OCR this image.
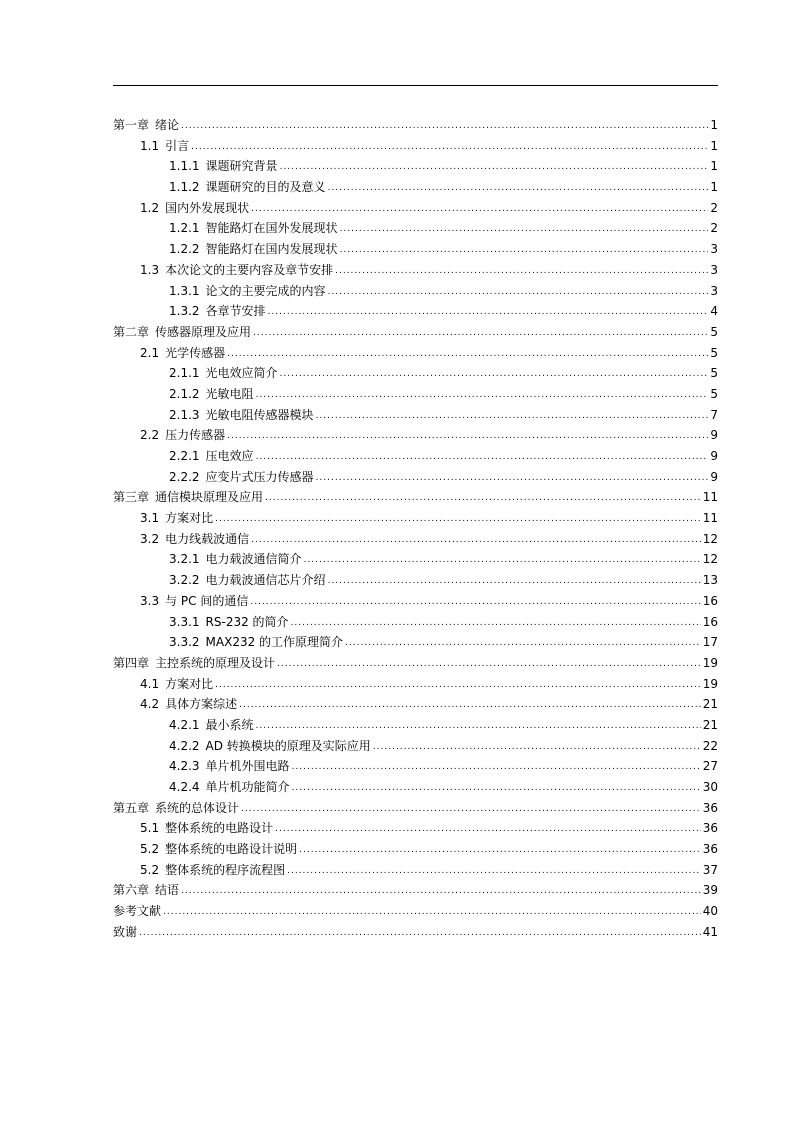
第一章 绪论 .....	1
1.1 引言 .....	1
1.1.1 课题研究背景 .....	1
1.1.2 课题研究的目的及意义 .....	1
1.2 国内外发展现状 .....	2
1.2.1 智能路灯在国外发展现状 .....	2
1.2.2 智能路灯在国内发展现状 .....	3
1.3 本次论文的主要内容及章节安排 .....	3
1.3.1 论文的主要完成的内容 .....	3
1.3.2 各章节安排 .....	4
第二章 传感器原理及应用 .....	5
2.1 光学传感器 .....	5
2.1.1 光电效应简介 .....	5
2.1.2 光敏电阻 .....	5
2.1.3 光敏电阻传感器模块 .....	7
2.2 压力传感器 .....	9
2.2.1 压电效应 .....	9
2.2.2 应变片式压力传感器 .....	9
第三章 通信模块原理及应用 .....	11
3.1 方案对比 .....	11
3.2 电力线载波通信 .....	12
3.2.1 电力载波通信简介 .....	12
3.2.2 电力载波通信芯片介绍 .....	13
3.3 与 PC 间的通信 .....	16
3.3.1 RS-232 的简介 .....	16
3.3.2 MAX232 的工作原理简介 .....	17
第四章 主控系统的原理及设计 .....	19
4.1 方案对比 .....	19
4.2 具体方案综述 .....	21
4.2.1 最小系统 .....	21
4.2.2 AD 转换模块的原理及实际应用 .....	22
4.2.3 单片机外围电路 .....	27
4.2.4 单片机功能简介 .....	30
第五章 系统的总体设计 .....	36
5.1 整体系统的电路设计 .....	36
5.2 整体系统的电路设计说明 .....	36
5.2 整体系统的程序流程图 .....	37
第六章 结语 .....	39
参考文献 .....	40
致谢 .....	41
